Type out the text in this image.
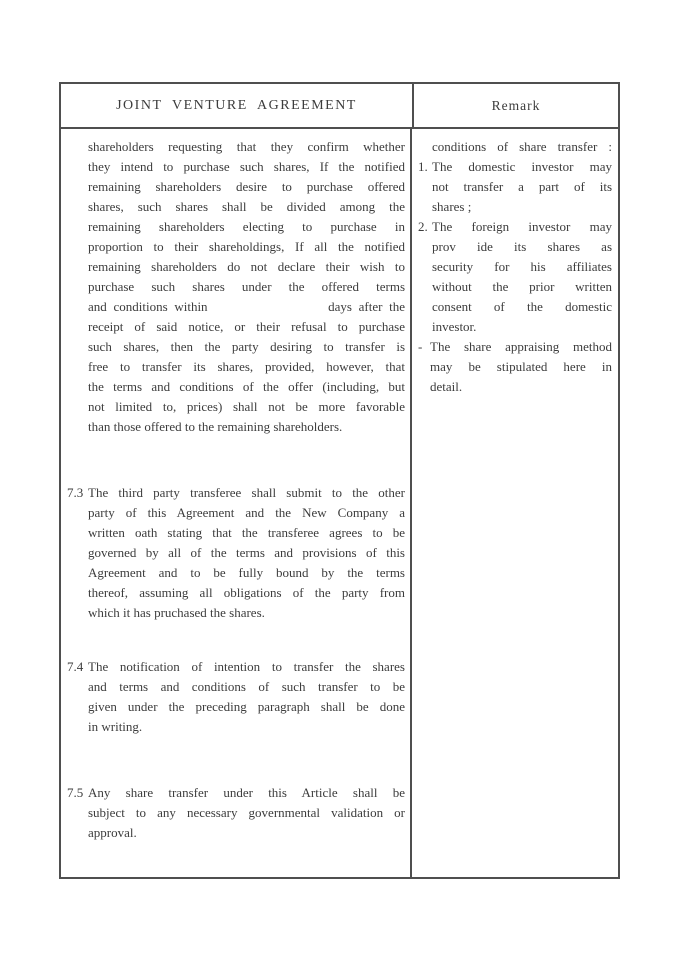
JOINT VENTURE AGREEMENT	Remark
shareholders requesting that they confirm whether
they intend to purchase such shares, If the notified
remaining shareholders desire to purchase offered
shares, such shares shall be divided among the
remaining shareholders electing to purchase in
proportion to their shareholdings, If all the notified
remaining shareholders do not declare their wish to
purchase such shares under the offered terms
and conditions within                  days after the
receipt of said notice, or their refusal to purchase
such shares, then the party desiring to transfer is
free to transfer its shares, provided, however, that
the terms and conditions of the offer (including, but
not limited to, prices) shall not be more favorable
than those offered to the remaining shareholders.
7.3 The third party transferee shall submit to the other
party of this Agreement and the New Company a
written oath stating that the transferee agrees to be
governed by all of the terms and provisions of this
Agreement and to be fully bound by the terms
thereof, assuming all obligations of the party from
which it has pruchased the shares.
7.4 The notification of intention to transfer the shares
and terms and conditions of such transfer to be
given under the preceding paragraph shall be done
in writing.
7.5 Any share transfer under this Article shall be
subject to any necessary governmental validation or
approval.
conditions of share transfer :
1. The domestic investor may
not transfer a part of its
shares ;
2. The foreign investor may
prov ide its shares as
security for his affiliates
without the prior written
consent of the domestic
investor.
- The share appraising method
may be stipulated here in
detail.
